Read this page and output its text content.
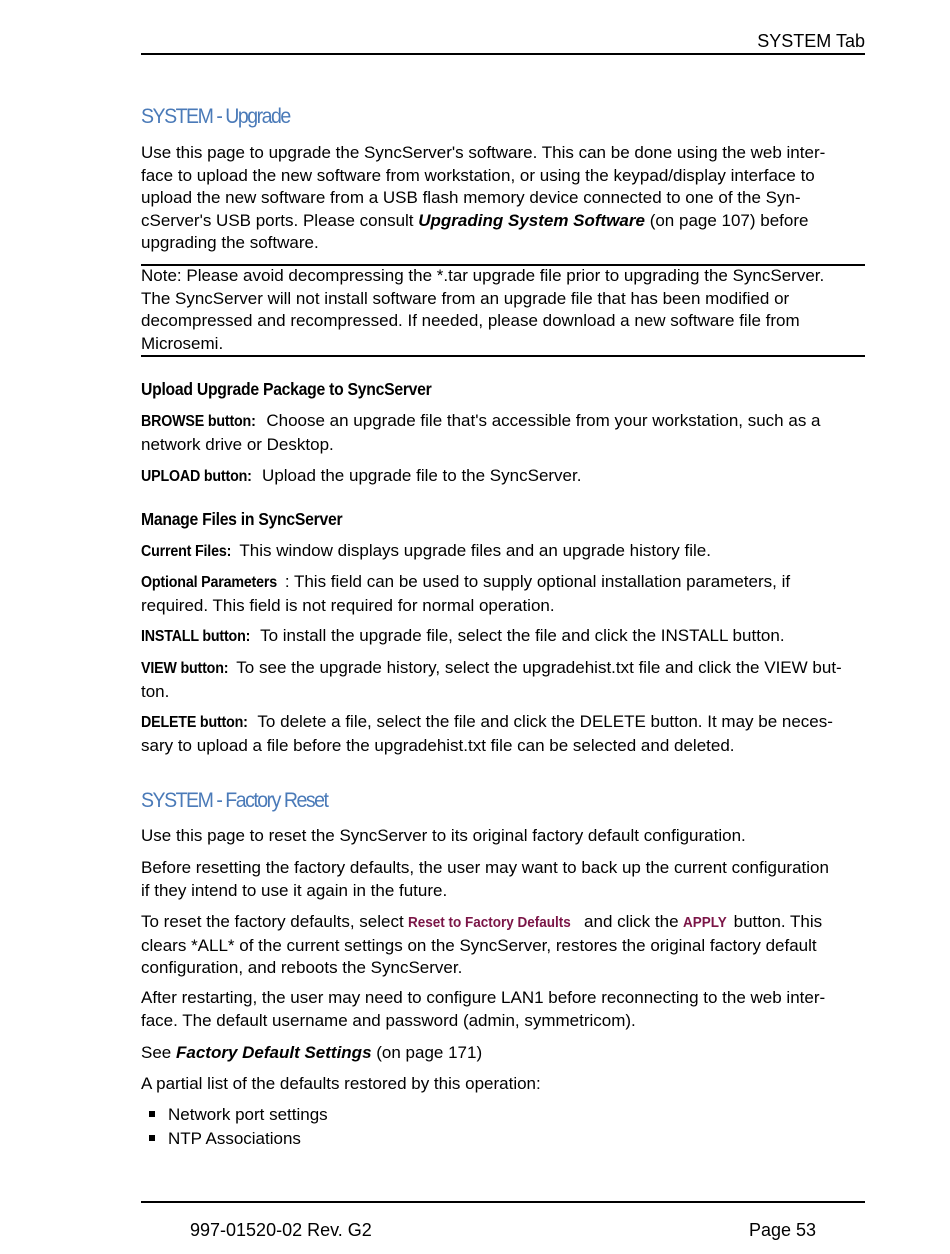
SYSTEM Tab
SYSTEM - Upgrade
Use this page to upgrade the SyncServer's software. This can be done using the web inter-
face to upload the new software from workstation, or using the keypad/display interface to
upload the new software from a USB flash memory device connected to one of the Syn-
cServer's USB ports. Please consult Upgrading System Software (on page 107) before
upgrading the software.
Note: Please avoid decompressing the *.tar upgrade file prior to upgrading the SyncServer.
The SyncServer will not install software from an upgrade file that has been modified or
decompressed and recompressed. If needed, please download a new software file from
Microsemi.
Upload Upgrade Package to SyncServer
BROWSE button: Choose an upgrade file that's accessible from your workstation, such as a
network drive or Desktop.
UPLOAD button: Upload the upgrade file to the SyncServer.
Manage Files in SyncServer
Current Files: This window displays upgrade files and an upgrade history file.
Optional Parameters : This field can be used to supply optional installation parameters, if
required. This field is not required for normal operation.
INSTALL button: To install the upgrade file, select the file and click the INSTALL button.
VIEW button: To see the upgrade history, select the upgradehist.txt file and click the VIEW but-
ton.
DELETE button: To delete a file, select the file and click the DELETE button. It may be neces-
sary to upload a file before the upgradehist.txt file can be selected and deleted.
SYSTEM - Factory Reset
Use this page to reset the SyncServer to its original factory default configuration.
Before resetting the factory defaults, the user may want to back up the current configuration
if they intend to use it again in the future.
To reset the factory defaults, select Reset to Factory Defaults and click the APPLY button. This
clears *ALL* of the current settings on the SyncServer, restores the original factory default
configuration, and reboots the SyncServer.
After restarting, the user may need to configure LAN1 before reconnecting to the web inter-
face. The default username and password (admin, symmetricom).
See Factory Default Settings (on page 171)
A partial list of the defaults restored by this operation:
Network port settings
NTP Associations
997-01520-02 Rev. G2	Page 53
